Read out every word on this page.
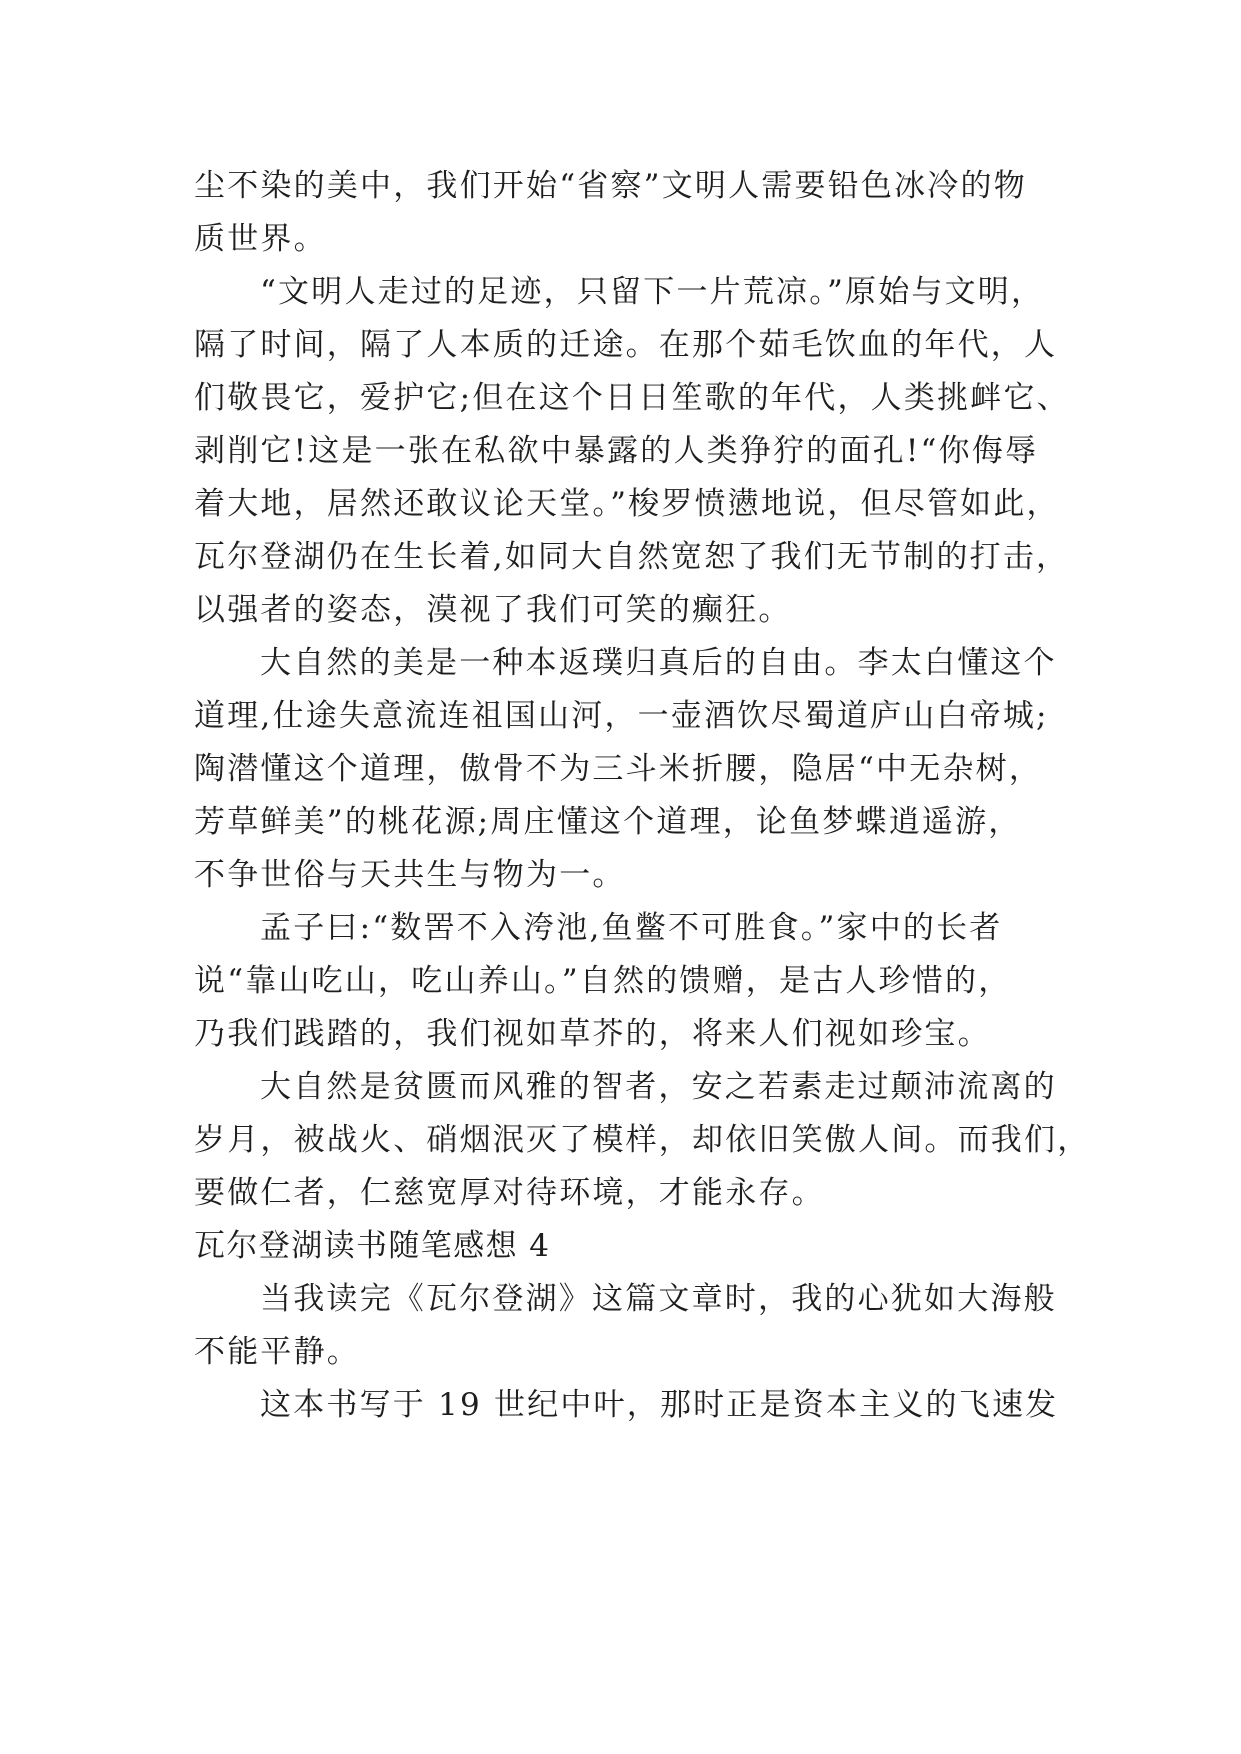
尘不染的美中，我们开始“省察”文明人需要铅色冰冷的物
质世界。
“文明人走过的足迹，只留下一片荒凉。”原始与文明，
隔了时间，隔了人本质的迁途。在那个茹毛饮血的年代，人
们敬畏它，爱护它;但在这个日日笙歌的年代，人类挑衅它、
剥削它!这是一张在私欲中暴露的人类狰狞的面孔!“你侮辱
着大地，居然还敢议论天堂。”梭罗愤懑地说，但尽管如此，
瓦尔登湖仍在生长着,如同大自然宽恕了我们无节制的打击，
以强者的姿态，漠视了我们可笑的癫狂。
大自然的美是一种本返璞归真后的自由。李太白懂这个
道理,仕途失意流连祖国山河，一壶酒饮尽蜀道庐山白帝城;
陶潜懂这个道理，傲骨不为三斗米折腰，隐居“中无杂树，
芳草鲜美”的桃花源;周庄懂这个道理，论鱼梦蝶逍遥游，
不争世俗与天共生与物为一。
孟子曰:“数罟不入洿池,鱼鳖不可胜食。”家中的长者
说“靠山吃山，吃山养山。”自然的馈赠，是古人珍惜的，
乃我们践踏的，我们视如草芥的，将来人们视如珍宝。
大自然是贫匮而风雅的智者，安之若素走过颠沛流离的
岁月，被战火、硝烟泯灭了模样，却依旧笑傲人间。而我们，
要做仁者，仁慈宽厚对待环境，才能永存。
瓦尔登湖读书随笔感想 4
当我读完《瓦尔登湖》这篇文章时，我的心犹如大海般
不能平静。
这本书写于 19 世纪中叶，那时正是资本主义的飞速发
